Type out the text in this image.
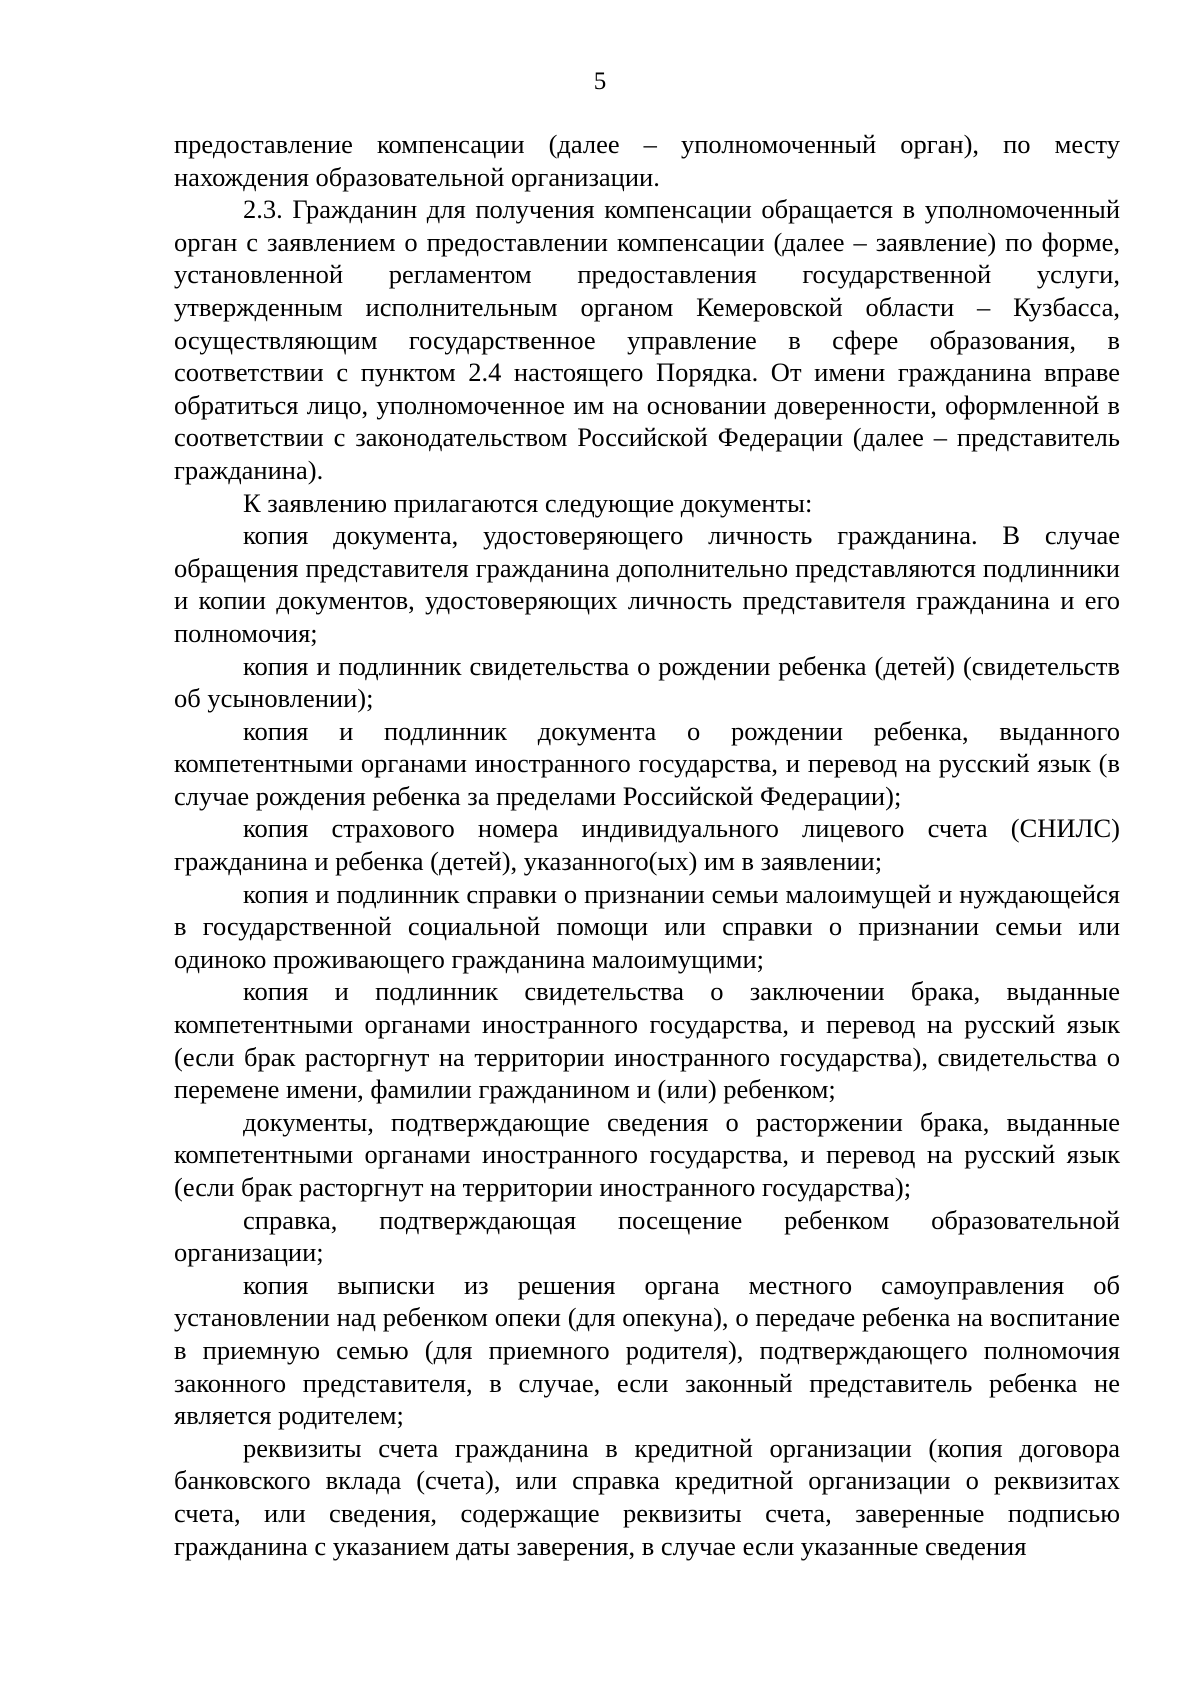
5

предоставление компенсации (далее – уполномоченный орган), по месту нахождения образовательной организации.

2.3. Гражданин для получения компенсации обращается в уполномоченный орган с заявлением о предоставлении компенсации (далее – заявление) по форме, установленной регламентом предоставления государственной услуги, утвержденным исполнительным органом Кемеровской области – Кузбасса, осуществляющим государственное управление в сфере образования, в соответствии с пунктом 2.4 настоящего Порядка. От имени гражданина вправе обратиться лицо, уполномоченное им на основании доверенности, оформленной в соответствии с законодательством Российской Федерации (далее – представитель гражданина).

К заявлению прилагаются следующие документы:

копия документа, удостоверяющего личность гражданина. В случае обращения представителя гражданина дополнительно представляются подлинники и копии документов, удостоверяющих личность представителя гражданина и его полномочия;

копия и подлинник свидетельства о рождении ребенка (детей) (свидетельств об усыновлении);

копия и подлинник документа о рождении ребенка, выданного компетентными органами иностранного государства, и перевод на русский язык (в случае рождения ребенка за пределами Российской Федерации);

копия страхового номера индивидуального лицевого счета (СНИЛС) гражданина и ребенка (детей), указанного(ых) им в заявлении;

копия и подлинник справки о признании семьи малоимущей и нуждающейся в государственной социальной помощи или справки о признании семьи или одиноко проживающего гражданина малоимущими;

копия и подлинник свидетельства о заключении брака, выданные компетентными органами иностранного государства, и перевод на русский язык (если брак расторгнут на территории иностранного государства), свидетельства о перемене имени, фамилии гражданином и (или) ребенком;

документы, подтверждающие сведения о расторжении брака, выданные компетентными органами иностранного государства, и перевод на русский язык (если брак расторгнут на территории иностранного государства);

справка, подтверждающая посещение ребенком образовательной организации;

копия выписки из решения органа местного самоуправления об установлении над ребенком опеки (для опекуна), о передаче ребенка на воспитание в приемную семью (для приемного родителя), подтверждающего полномочия законного представителя, в случае, если законный представитель ребенка не является родителем;

реквизиты счета гражданина в кредитной организации (копия договора банковского вклада (счета), или справка кредитной организации о реквизитах счета, или сведения, содержащие реквизиты счета, заверенные подписью гражданина с указанием даты заверения, в случае если указанные сведения
